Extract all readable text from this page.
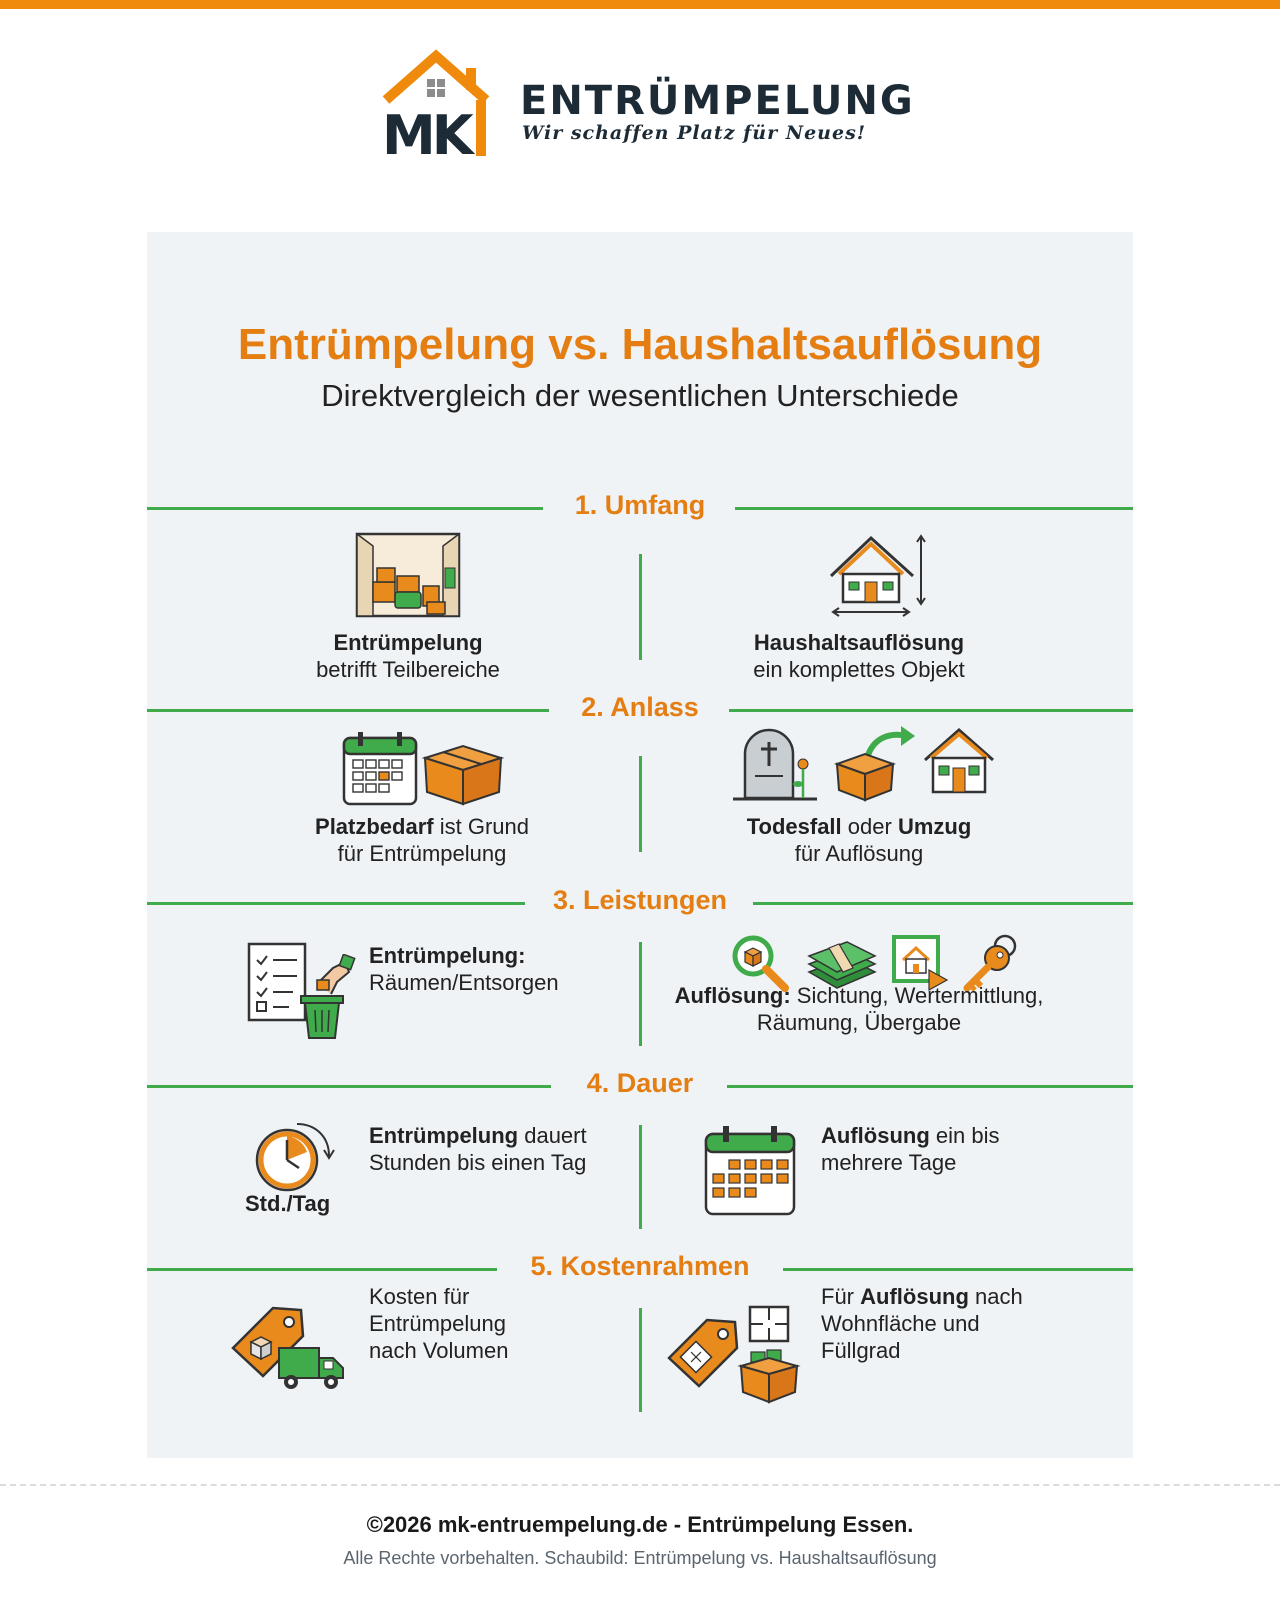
MK
ENTRÜMPELUNG
Wir schaffen Platz für Neues!
Entrümpelung vs. Haushaltsauflösung
Direktvergleich der wesentlichen Unterschiede
1. Umfang
Entrümpelung
betrifft Teilbereiche
Haushaltsauflösung
ein komplettes Objekt
2. Anlass
Platzbedarf ist Grund
für Entrümpelung
Todesfall oder Umzug
für Auflösung
3. Leistungen
Entrümpelung:
Räumen/Entsorgen
Auflösung: Sichtung, Wertermittlung,
Räumung, Übergabe
4. Dauer
Std./Tag
Entrümpelung dauert
Stunden bis einen Tag
Auflösung ein bis
mehrere Tage
5. Kostenrahmen
Kosten für
Entrümpelung
nach Volumen
Für Auflösung nach
Wohnfläche und
Füllgrad
©2026 mk-entruempelung.de - Entrümpelung Essen.
Alle Rechte vorbehalten. Schaubild: Entrümpelung vs. Haushaltsauflösung
